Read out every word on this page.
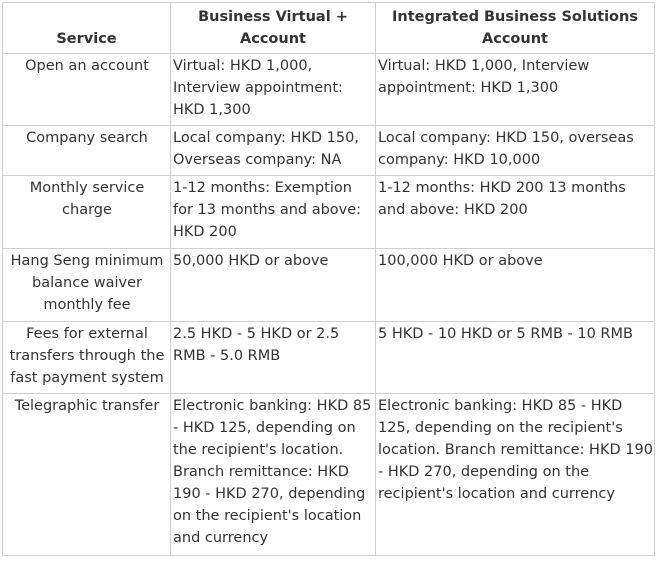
Service	Business Virtual + Account	Integrated Business Solutions Account
Open an account	Virtual: HKD 1,000, Interview appointment: HKD 1,300	Virtual: HKD 1,000, Interview appointment: HKD 1,300
Company search	Local company: HKD 150, Overseas company: NA	Local company: HKD 150, overseas company: HKD 10,000
Monthly service charge	1-12 months: Exemption for 13 months and above: HKD 200	1-12 months: HKD 200 13 months and above: HKD 200
Hang Seng minimum balance waiver monthly fee	50,000 HKD or above	100,000 HKD or above
Fees for external transfers through the fast payment system	2.5 HKD - 5 HKD or 2.5 RMB - 5.0 RMB	5 HKD - 10 HKD or 5 RMB - 10 RMB
Telegraphic transfer	Electronic banking: HKD 85 - HKD 125, depending on the recipient's location. Branch remittance: HKD 190 - HKD 270, depending on the recipient's location and currency	Electronic banking: HKD 85 - HKD 125, depending on the recipient's location. Branch remittance: HKD 190 - HKD 270, depending on the recipient's location and currency
